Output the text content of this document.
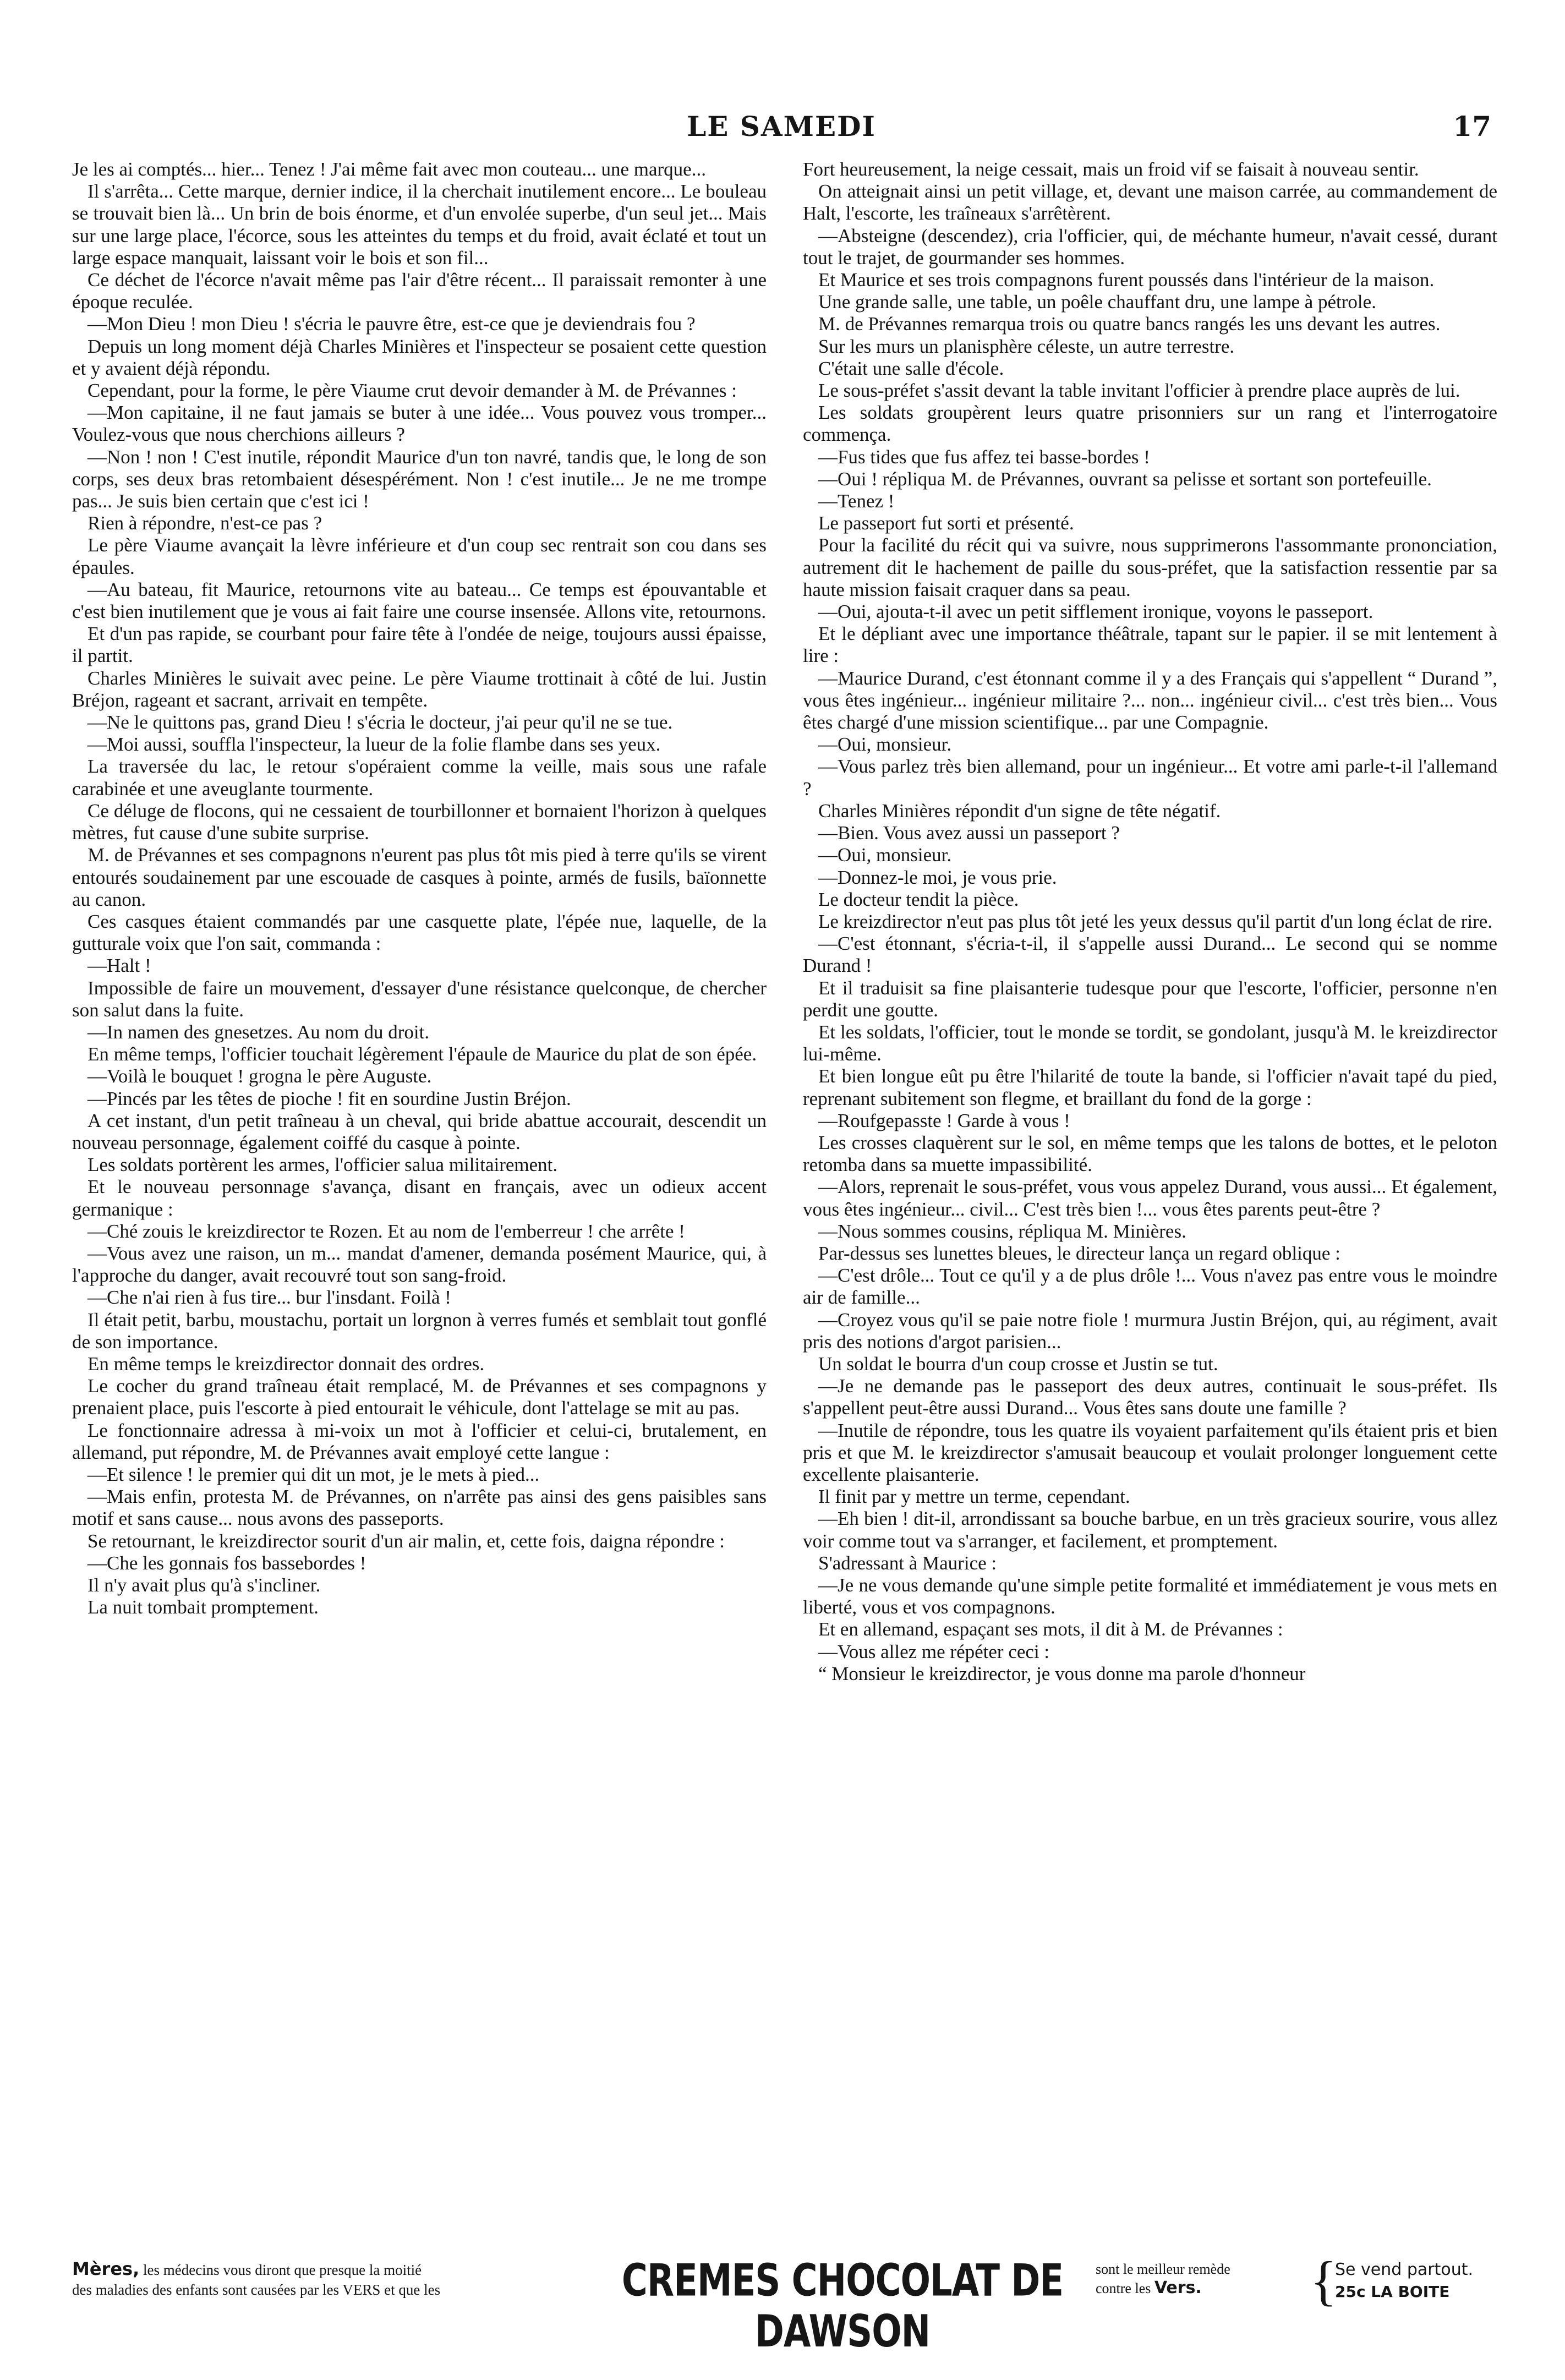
LE SAMEDI	17

Je les ai comptés... hier... Tenez ! J'ai même fait avec mon couteau... une marque...

Il s'arrêta... Cette marque, dernier indice, il la cherchait inutilement encore... Le bouleau se trouvait bien là... Un brin de bois énorme, et d'un envolée superbe, d'un seul jet... Mais sur une large place, l'écorce, sous les atteintes du temps et du froid, avait éclaté et tout un large espace manquait, laissant voir le bois et son fil...

Ce déchet de l'écorce n'avait même pas l'air d'être récent... Il paraissait remonter à une époque reculée.

—Mon Dieu ! mon Dieu ! s'écria le pauvre être, est-ce que je deviendrais fou ?

Depuis un long moment déjà Charles Minières et l'inspecteur se posaient cette question et y avaient déjà répondu.

Cependant, pour la forme, le père Viaume crut devoir demander à M. de Prévannes :

—Mon capitaine, il ne faut jamais se buter à une idée... Vous pouvez vous tromper... Voulez-vous que nous cherchions ailleurs ?

—Non ! non ! C'est inutile, répondit Maurice d'un ton navré, tandis que, le long de son corps, ses deux bras retombaient désespérément. Non ! c'est inutile... Je ne me trompe pas... Je suis bien certain que c'est ici !

Rien à répondre, n'est-ce pas ?

Le père Viaume avançait la lèvre inférieure et d'un coup sec rentrait son cou dans ses épaules.

—Au bateau, fit Maurice, retournons vite au bateau... Ce temps est épouvantable et c'est bien inutilement que je vous ai fait faire une course insensée. Allons vite, retournons.

Et d'un pas rapide, se courbant pour faire tête à l'ondée de neige, toujours aussi épaisse, il partit.

Charles Minières le suivait avec peine. Le père Viaume trottinait à côté de lui. Justin Bréjon, rageant et sacrant, arrivait en tempête.

—Ne le quittons pas, grand Dieu ! s'écria le docteur, j'ai peur qu'il ne se tue.

—Moi aussi, souffla l'inspecteur, la lueur de la folie flambe dans ses yeux.

La traversée du lac, le retour s'opéraient comme la veille, mais sous une rafale carabinée et une aveuglante tourmente.

Ce déluge de flocons, qui ne cessaient de tourbillonner et bornaient l'horizon à quelques mètres, fut cause d'une subite surprise.

M. de Prévannes et ses compagnons n'eurent pas plus tôt mis pied à terre qu'ils se virent entourés soudainement par une escouade de casques à pointe, armés de fusils, baïonnette au canon.

Ces casques étaient commandés par une casquette plate, l'épée nue, laquelle, de la gutturale voix que l'on sait, commanda :

—Halt !

Impossible de faire un mouvement, d'essayer d'une résistance quelconque, de chercher son salut dans la fuite.

—In namen des gnesetzes. Au nom du droit.

En même temps, l'officier touchait légèrement l'épaule de Maurice du plat de son épée.

—Voilà le bouquet ! grogna le père Auguste.

—Pincés par les têtes de pioche ! fit en sourdine Justin Bréjon.

A cet instant, d'un petit traîneau à un cheval, qui bride abattue accourait, descendit un nouveau personnage, également coiffé du casque à pointe.

Les soldats portèrent les armes, l'officier salua militairement.

Et le nouveau personnage s'avança, disant en français, avec un odieux accent germanique :

—Ché zouis le kreizdirector te Rozen. Et au nom de l'emberreur ! che arrête !

—Vous avez une raison, un m... mandat d'amener, demanda posément Maurice, qui, à l'approche du danger, avait recouvré tout son sang-froid.

—Che n'ai rien à fus tire... bur l'insdant. Foilà !

Il était petit, barbu, moustachu, portait un lorgnon à verres fumés et semblait tout gonflé de son importance.

En même temps le kreizdirector donnait des ordres.

Le cocher du grand traîneau était remplacé, M. de Prévannes et ses compagnons y prenaient place, puis l'escorte à pied entourait le véhicule, dont l'attelage se mit au pas.

Le fonctionnaire adressa à mi-voix un mot à l'officier et celui-ci, brutalement, en allemand, put répondre, M. de Prévannes avait employé cette langue :

—Et silence ! le premier qui dit un mot, je le mets à pied...

—Mais enfin, protesta M. de Prévannes, on n'arrête pas ainsi des gens paisibles sans motif et sans cause... nous avons des passeports.

Se retournant, le kreizdirector sourit d'un air malin, et, cette fois, daigna répondre :

—Che les gonnais fos bassebordes !

Il n'y avait plus qu'à s'incliner.

La nuit tombait promptement.

Fort heureusement, la neige cessait, mais un froid vif se faisait à nouveau sentir.

On atteignait ainsi un petit village, et, devant une maison carrée, au commandement de Halt, l'escorte, les traîneaux s'arrêtèrent.

—Absteigne (descendez), cria l'officier, qui, de méchante humeur, n'avait cessé, durant tout le trajet, de gourmander ses hommes.

Et Maurice et ses trois compagnons furent poussés dans l'intérieur de la maison.

Une grande salle, une table, un poêle chauffant dru, une lampe à pétrole.

M. de Prévannes remarqua trois ou quatre bancs rangés les uns devant les autres.

Sur les murs un planisphère céleste, un autre terrestre.

C'était une salle d'école.

Le sous-préfet s'assit devant la table invitant l'officier à prendre place auprès de lui.

Les soldats groupèrent leurs quatre prisonniers sur un rang et l'interrogatoire commença.

—Fus tides que fus affez tei basse-bordes !

—Oui ! répliqua M. de Prévannes, ouvrant sa pelisse et sortant son portefeuille.

—Tenez !

Le passeport fut sorti et présenté.

Pour la facilité du récit qui va suivre, nous supprimerons l'assommante prononciation, autrement dit le hachement de paille du sous-préfet, que la satisfaction ressentie par sa haute mission faisait craquer dans sa peau.

—Oui, ajouta-t-il avec un petit sifflement ironique, voyons le passeport.

Et le dépliant avec une importance théâtrale, tapant sur le papier. il se mit lentement à lire :

—Maurice Durand, c'est étonnant comme il y a des Français qui s'appellent “ Durand ”, vous êtes ingénieur... ingénieur militaire ?... non... ingénieur civil... c'est très bien... Vous êtes chargé d'une mission scientifique... par une Compagnie.

—Oui, monsieur.

—Vous parlez très bien allemand, pour un ingénieur... Et votre ami parle-t-il l'allemand ?

Charles Minières répondit d'un signe de tête négatif.

—Bien. Vous avez aussi un passeport ?

—Oui, monsieur.

—Donnez-le moi, je vous prie.

Le docteur tendit la pièce.

Le kreizdirector n'eut pas plus tôt jeté les yeux dessus qu'il partit d'un long éclat de rire.

—C'est étonnant, s'écria-t-il, il s'appelle aussi Durand... Le second qui se nomme Durand !

Et il traduisit sa fine plaisanterie tudesque pour que l'escorte, l'officier, personne n'en perdit une goutte.

Et les soldats, l'officier, tout le monde se tordit, se gondolant, jusqu'à M. le kreizdirector lui-même.

Et bien longue eût pu être l'hilarité de toute la bande, si l'officier n'avait tapé du pied, reprenant subitement son flegme, et braillant du fond de la gorge :

—Roufgepasste ! Garde à vous !

Les crosses claquèrent sur le sol, en même temps que les talons de bottes, et le peloton retomba dans sa muette impassibilité.

—Alors, reprenait le sous-préfet, vous vous appelez Durand, vous aussi... Et également, vous êtes ingénieur... civil... C'est très bien !... vous êtes parents peut-être ?

—Nous sommes cousins, répliqua M. Minières.

Par-dessus ses lunettes bleues, le directeur lança un regard oblique :

—C'est drôle... Tout ce qu'il y a de plus drôle !... Vous n'avez pas entre vous le moindre air de famille...

—Croyez vous qu'il se paie notre fiole ! murmura Justin Bréjon, qui, au régiment, avait pris des notions d'argot parisien...

Un soldat le bourra d'un coup crosse et Justin se tut.

—Je ne demande pas le passeport des deux autres, continuait le sous-préfet. Ils s'appellent peut-être aussi Durand... Vous êtes sans doute une famille ?

—Inutile de répondre, tous les quatre ils voyaient parfaitement qu'ils étaient pris et bien pris et que M. le kreizdirector s'amusait beaucoup et voulait prolonger longuement cette excellente plaisanterie.

Il finit par y mettre un terme, cependant.

—Eh bien ! dit-il, arrondissant sa bouche barbue, en un très gracieux sourire, vous allez voir comme tout va s'arranger, et facilement, et promptement.

S'adressant à Maurice :

—Je ne vous demande qu'une simple petite formalité et immédiatement je vous mets en liberté, vous et vos compagnons.

Et en allemand, espaçant ses mots, il dit à M. de Prévannes :

—Vous allez me répéter ceci :

“ Monsieur le kreizdirector, je vous donne ma parole d'honneur

Mères, les médecins vous diront que presque la moitié
des maladies des enfants sont causées par les VERS et que les	CREMES CHOCOLAT DE DAWSON
sont le meilleur remède
contre les Vers.	{
Se vend partout.
25c LA BOITE
